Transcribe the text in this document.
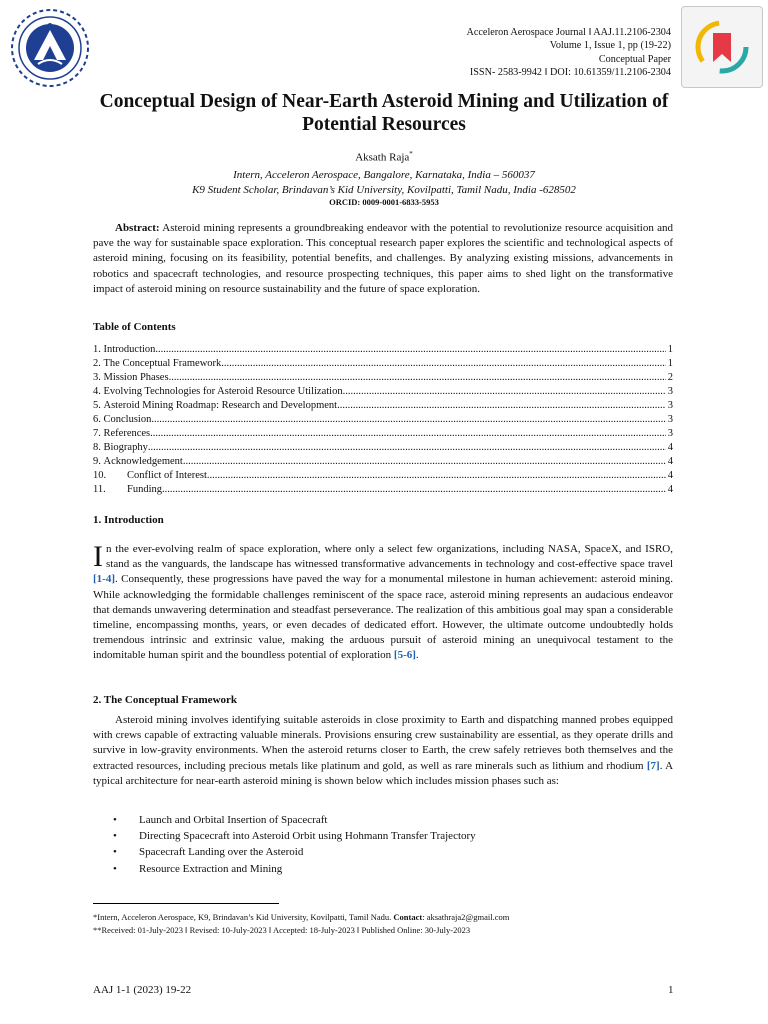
Acceleron Aerospace Journal ‖ AAJ.11.2106-2304
Volume 1, Issue 1, pp (19-22)
Conceptual Paper
ISSN- 2583-9942 ‖ DOI: 10.61359/11.2106-2304
Conceptual Design of Near-Earth Asteroid Mining and Utilization of Potential Resources
Aksath Raja*
Intern, Acceleron Aerospace, Bangalore, Karnataka, India – 560037
K9 Student Scholar, Brindavan’s Kid University, Kovilpatti, Tamil Nadu, India -628502
ORCID: 0009-0001-6833-5953
Abstract: Asteroid mining represents a groundbreaking endeavor with the potential to revolutionize resource acquisition and pave the way for sustainable space exploration. This conceptual research paper explores the scientific and technological aspects of asteroid mining, focusing on its feasibility, potential benefits, and challenges. By analyzing existing missions, advancements in robotics and spacecraft technologies, and resource prospecting techniques, this paper aims to shed light on the transformative impact of asteroid mining on resource sustainability and the future of space exploration.
Table of Contents
1.
Introduction .....	1
2.
The Conceptual Framework .....	1
3.
Mission Phases .....	2
4.
Evolving Technologies for Asteroid Resource Utilization .....	3
5.
Asteroid Mining Roadmap: Research and Development .....	3
6.
Conclusion .....	3
7.
References .....	3
8.
Biography .....	4
9.
Acknowledgement .....	4
10.	Conflict of Interest .....	4
11.	Funding .....	4
1. Introduction
In the ever-evolving realm of space exploration, where only a select few organizations, including NASA, SpaceX, and ISRO, stand as the vanguards, the landscape has witnessed transformative advancements in technology and cost-effective space travel [1-4]. Consequently, these progressions have paved the way for a monumental milestone in human achievement: asteroid mining. While acknowledging the formidable challenges reminiscent of the space race, asteroid mining represents an audacious endeavor that demands unwavering determination and steadfast perseverance. The realization of this ambitious goal may span a considerable timeline, encompassing months, years, or even decades of dedicated effort. However, the ultimate outcome undoubtedly holds tremendous intrinsic and extrinsic value, making the arduous pursuit of asteroid mining an unequivocal testament to the indomitable human spirit and the boundless potential of exploration [5-6].
2. The Conceptual Framework
Asteroid mining involves identifying suitable asteroids in close proximity to Earth and dispatching manned probes equipped with crews capable of extracting valuable minerals. Provisions ensuring crew sustainability are essential, as they operate drills and survive in low-gravity environments. When the asteroid returns closer to Earth, the crew safely retrieves both themselves and the extracted resources, including precious metals like platinum and gold, as well as rare minerals such as lithium and rhodium [7]. A typical architecture for near-earth asteroid mining is shown below which includes mission phases such as:
• Launch and Orbital Insertion of Spacecraft
• Directing Spacecraft into Asteroid Orbit using Hohmann Transfer Trajectory
• Spacecraft Landing over the Asteroid
• Resource Extraction and Mining
*Intern, Acceleron Aerospace, K9, Brindavan’s Kid University, Kovilpatti, Tamil Nadu. Contact: aksathraja2@gmail.com
**Received: 01-July-2023 ‖ Revised: 10-July-2023 ‖ Accepted: 18-July-2023 ‖ Published Online: 30-July-2023
AAJ 1-1 (2023) 19-22	1
